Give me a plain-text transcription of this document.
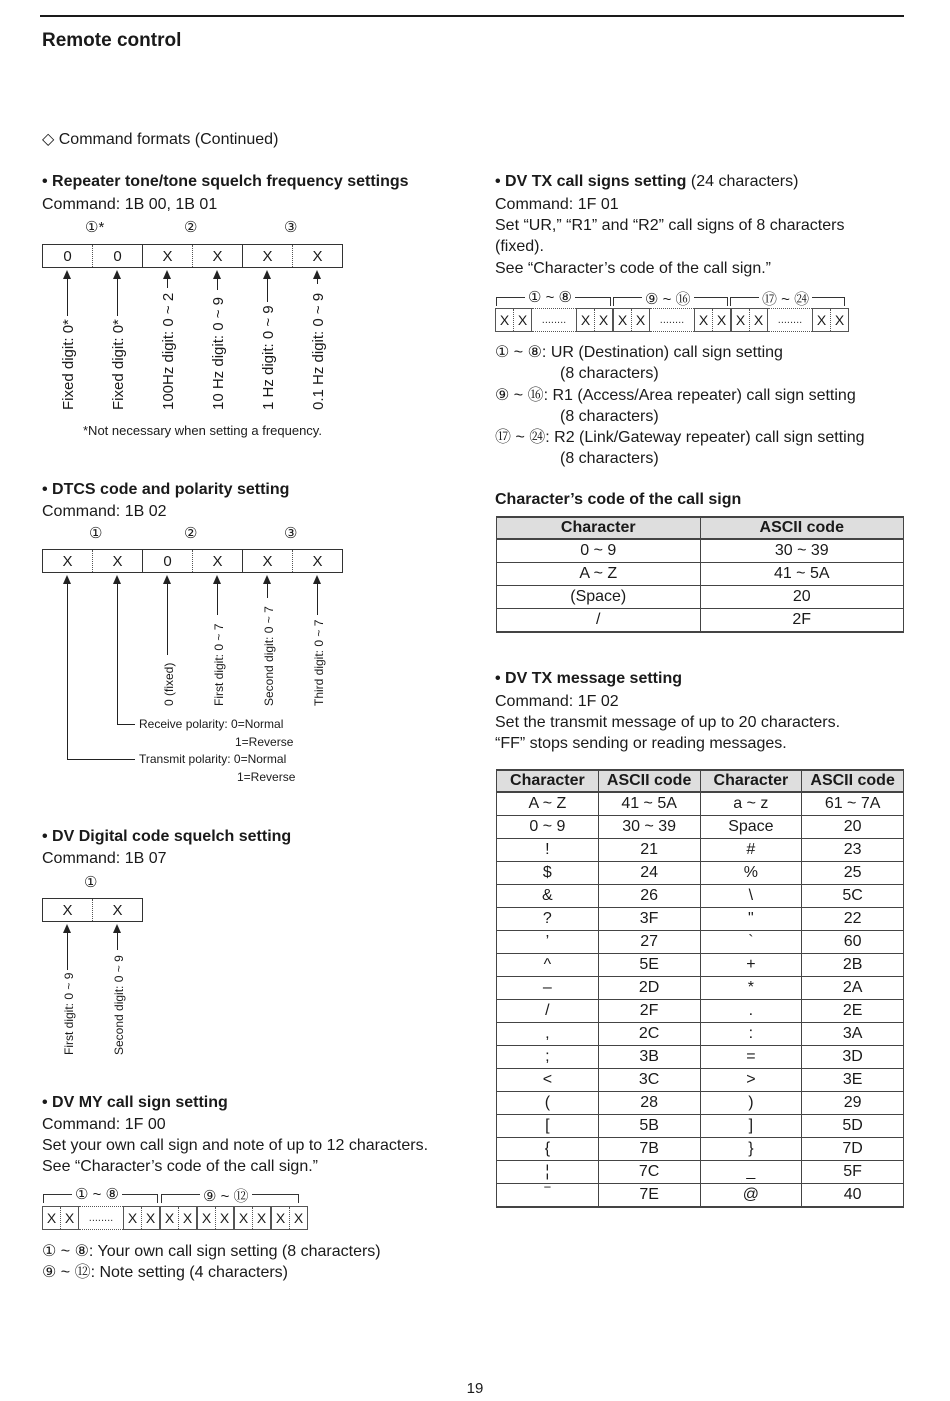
Remote control
◇ Command formats (Continued)
• Repeater tone/tone squelch frequency settings
Command: 1B 00, 1B 01
①*	②	③
0	0	X	X	X	X
Fixed digit: 0* Fixed digit: 0* 100Hz digit: 0 ~ 2 10 Hz digit: 0 ~ 9 1 Hz digit: 0 ~ 9 0.1 Hz digit: 0 ~ 9
*Not necessary when setting a frequency.
• DTCS code and polarity setting
Command: 1B 02
①	②	③
X	X	0	X	X	X
0 (fixed)	First digit: 0 ~ 7	Second digit: 0 ~ 7	Third digit: 0 ~ 7
Receive polarity: 0=Normal
1=Reverse
Transmit polarity: 0=Normal
1=Reverse
• DV Digital code squelch setting
Command: 1B 07
①
X	X
First digit: 0 ~ 9	Second digit: 0 ~ 9
• DV MY call sign setting
Command: 1F 00
Set your own call sign and note of up to 12 characters.
See “Character’s code of the call sign.”
① ~ ⑧	⑨ ~ ⑫
X X	........	X X X X X X X X X X
① ~ ⑧: Your own call sign setting (8 characters)
⑨ ~ ⑫: Note setting (4 characters)
• DV TX call signs setting (24 characters)
Command: 1F 01
Set “UR,” “R1” and “R2” call signs of 8 characters
(fixed).
See “Character’s code of the call sign.”
① ~ ⑧	⑨ ~ ⑯	⑰ ~ ㉔
X X	........	X X X X	........	X X X X	........	X X
① ~ ⑧: UR (Destination) call sign setting
(8 characters)
⑨ ~ ⑯: R1 (Access/Area repeater) call sign setting
(8 characters)
⑰ ~ ㉔: R2 (Link/Gateway repeater) call sign setting
(8 characters)
Character’s code of the call sign
Character	ASCII code
0 ~ 9	30 ~ 39
A ~ Z	41 ~ 5A
(Space)	20
/	2F
• DV TX message setting
Command: 1F 02
Set the transmit message of up to 20 characters.
“FF” stops sending or reading messages.
Character	ASCII code	Character	ASCII code
A ~ Z	41 ~ 5A	a ~ z	61 ~ 7A
0 ~ 9	30 ~ 39	Space	20
!	21	#	23
$	24	%	25
&	26	\	5C
?	3F	"	22
’	27	`	60
^	5E	+	2B
–	2D	*	2A
/	2F	.	2E
,	2C	:	3A
;	3B	=	3D
<	3C	>	3E
(	28	)	29
[	5B	]	5D
{	7B	}	7D
¦	7C	_	5F
‾	7E	@	40
19
